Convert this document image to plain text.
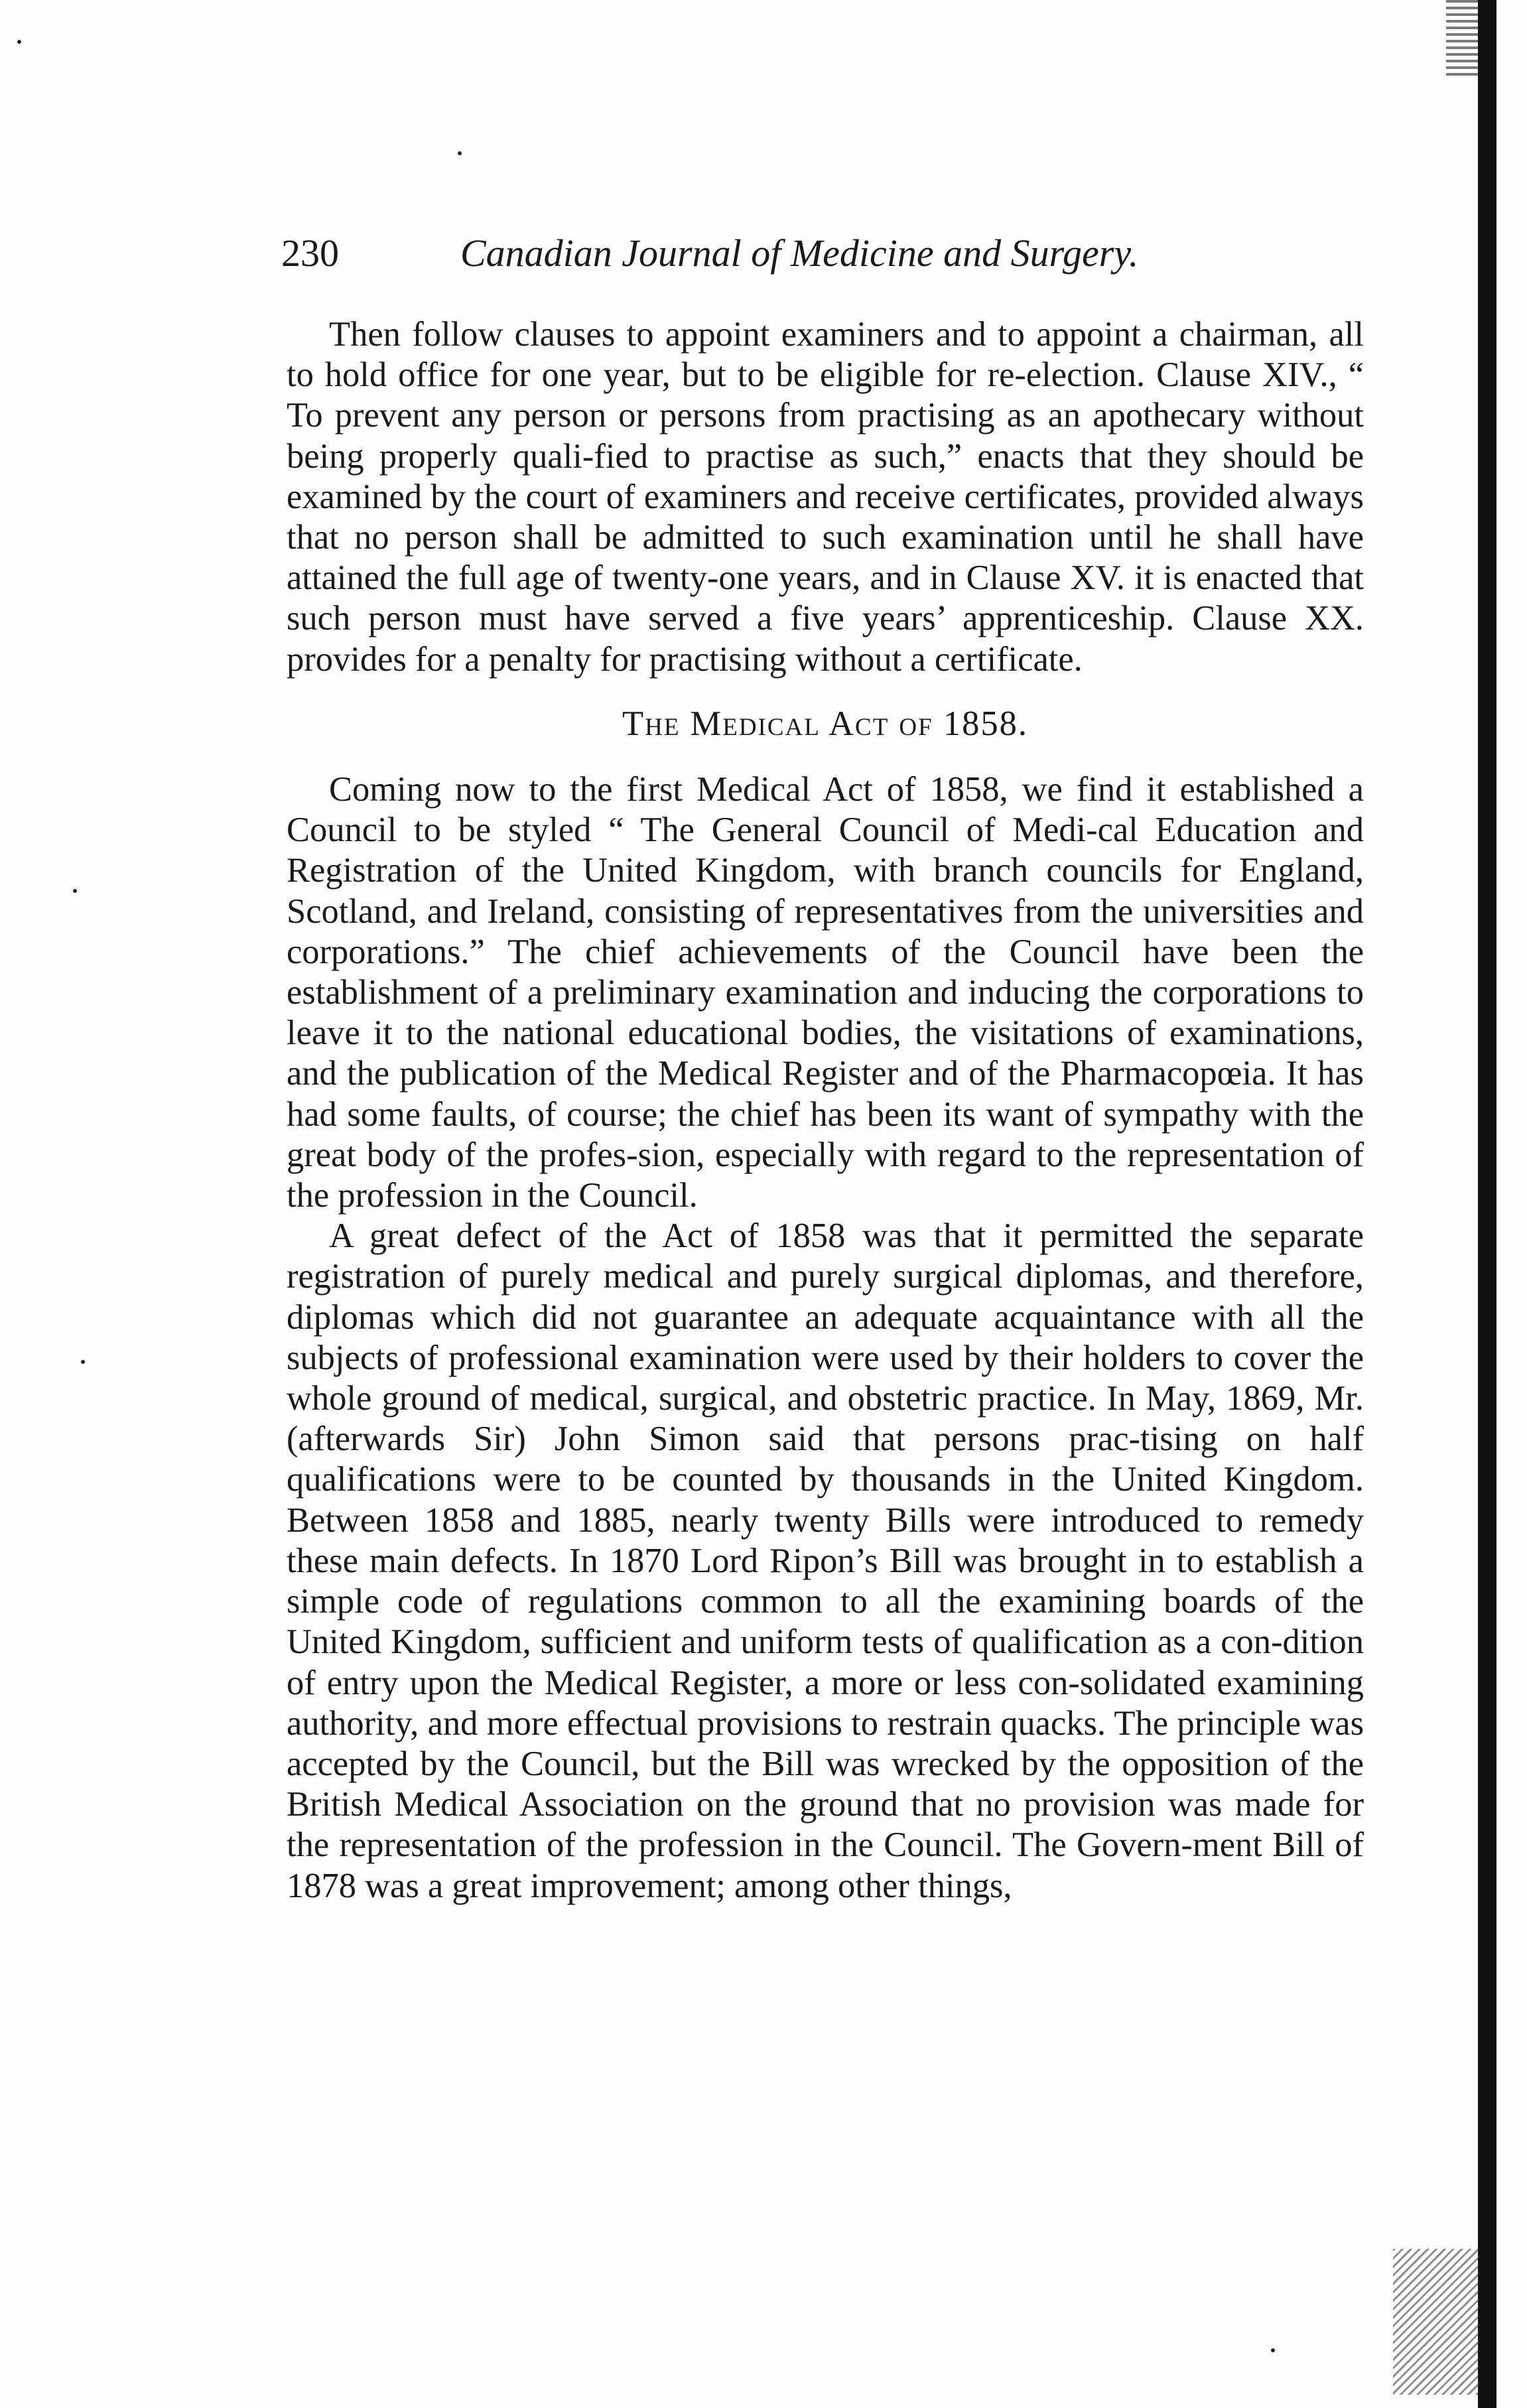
230	Canadian Journal of Medicine and Surgery.

Then follow clauses to appoint examiners and to appoint a chairman, all to hold office for one year, but to be eligible for re-election. Clause XIV., “ To prevent any person or persons from practising as an apothecary without being properly quali-fied to practise as such,” enacts that they should be examined by the court of examiners and receive certificates, provided always that no person shall be admitted to such examination until he shall have attained the full age of twenty-one years, and in Clause XV. it is enacted that such person must have served a five years’ apprenticeship. Clause XX. provides for a penalty for practising without a certificate.

The Medical Act of 1858.

Coming now to the first Medical Act of 1858, we find it established a Council to be styled “ The General Council of Medi-cal Education and Registration of the United Kingdom, with branch councils for England, Scotland, and Ireland, consisting of representatives from the universities and corporations.” The chief achievements of the Council have been the establishment of a preliminary examination and inducing the corporations to leave it to the national educational bodies, the visitations of examinations, and the publication of the Medical Register and of the Pharmacopœia. It has had some faults, of course; the chief has been its want of sympathy with the great body of the profes-sion, especially with regard to the representation of the profession in the Council.

A great defect of the Act of 1858 was that it permitted the separate registration of purely medical and purely surgical diplomas, and therefore, diplomas which did not guarantee an adequate acquaintance with all the subjects of professional examination were used by their holders to cover the whole ground of medical, surgical, and obstetric practice. In May, 1869, Mr. (afterwards Sir) John Simon said that persons prac-tising on half qualifications were to be counted by thousands in the United Kingdom. Between 1858 and 1885, nearly twenty Bills were introduced to remedy these main defects. In 1870 Lord Ripon’s Bill was brought in to establish a simple code of regulations common to all the examining boards of the United Kingdom, sufficient and uniform tests of qualification as a con-dition of entry upon the Medical Register, a more or less con-solidated examining authority, and more effectual provisions to restrain quacks. The principle was accepted by the Council, but the Bill was wrecked by the opposition of the British Medical Association on the ground that no provision was made for the representation of the profession in the Council. The Govern-ment Bill of 1878 was a great improvement; among other things,
